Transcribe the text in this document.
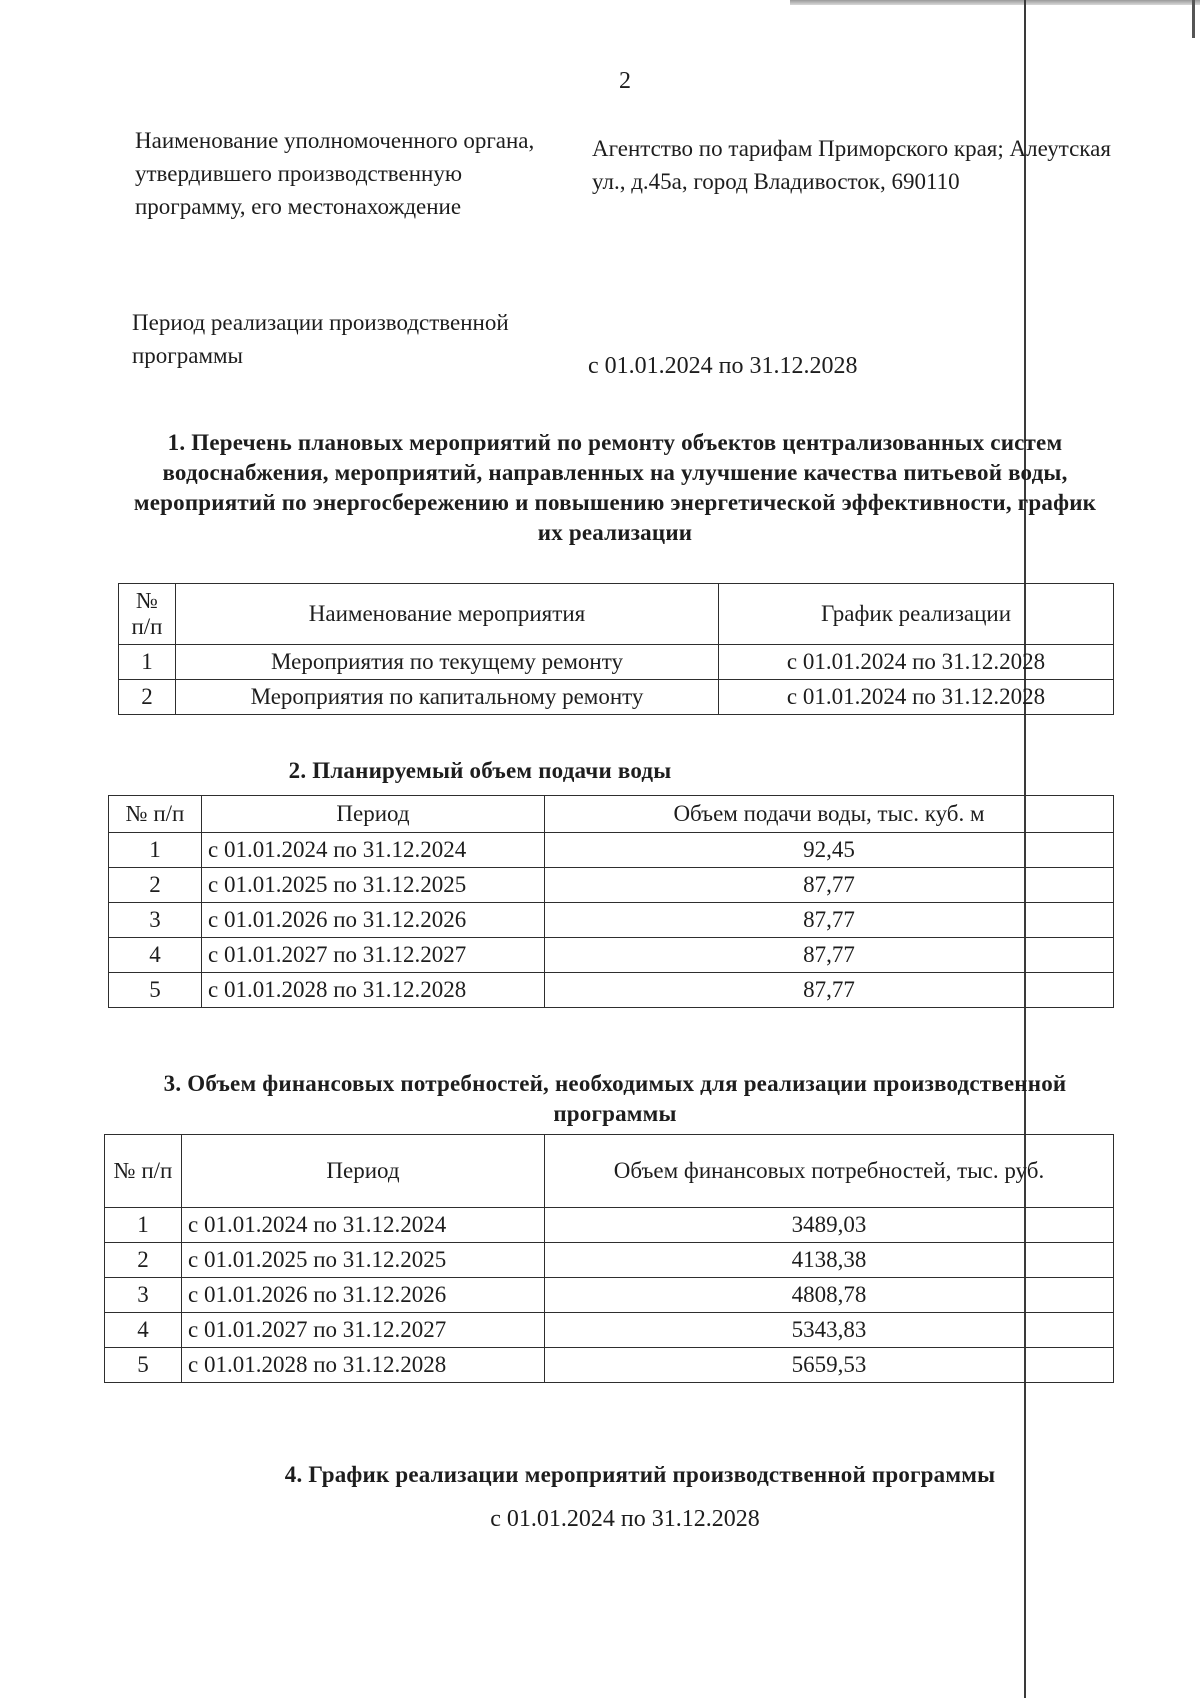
2
Наименование уполномоченного органа, утвердившего производственную программу, его местонахождение
Агентство по тарифам Приморского края; Алеутская ул., д.45а, город Владивосток, 690110
Период реализации производственной программы	с 01.01.2024 по 31.12.2028
1. Перечень плановых мероприятий по ремонту объектов централизованных систем водоснабжения, мероприятий, направленных на улучшение качества питьевой воды, мероприятий по энергосбережению и повышению энергетической эффективности, график их реализации
№ п/п	Наименование мероприятия	График реализации
1	Мероприятия по текущему ремонту	с 01.01.2024 по 31.12.2028
2	Мероприятия по капитальному ремонту	с 01.01.2024 по 31.12.2028
2. Планируемый объем подачи воды
№ п/п	Период	Объем подачи воды, тыс. куб. м
1	с 01.01.2024 по 31.12.2024	92,45
2	с 01.01.2025 по 31.12.2025	87,77
3	с 01.01.2026 по 31.12.2026	87,77
4	с 01.01.2027 по 31.12.2027	87,77
5	с 01.01.2028 по 31.12.2028	87,77
3. Объем финансовых потребностей, необходимых для реализации производственной программы
№ п/п	Период	Объем финансовых потребностей, тыс. руб.
1	с 01.01.2024 по 31.12.2024	3489,03
2	с 01.01.2025 по 31.12.2025	4138,38
3	с 01.01.2026 по 31.12.2026	4808,78
4	с 01.01.2027 по 31.12.2027	5343,83
5	с 01.01.2028 по 31.12.2028	5659,53
4. График реализации мероприятий производственной программы
с 01.01.2024 по 31.12.2028
